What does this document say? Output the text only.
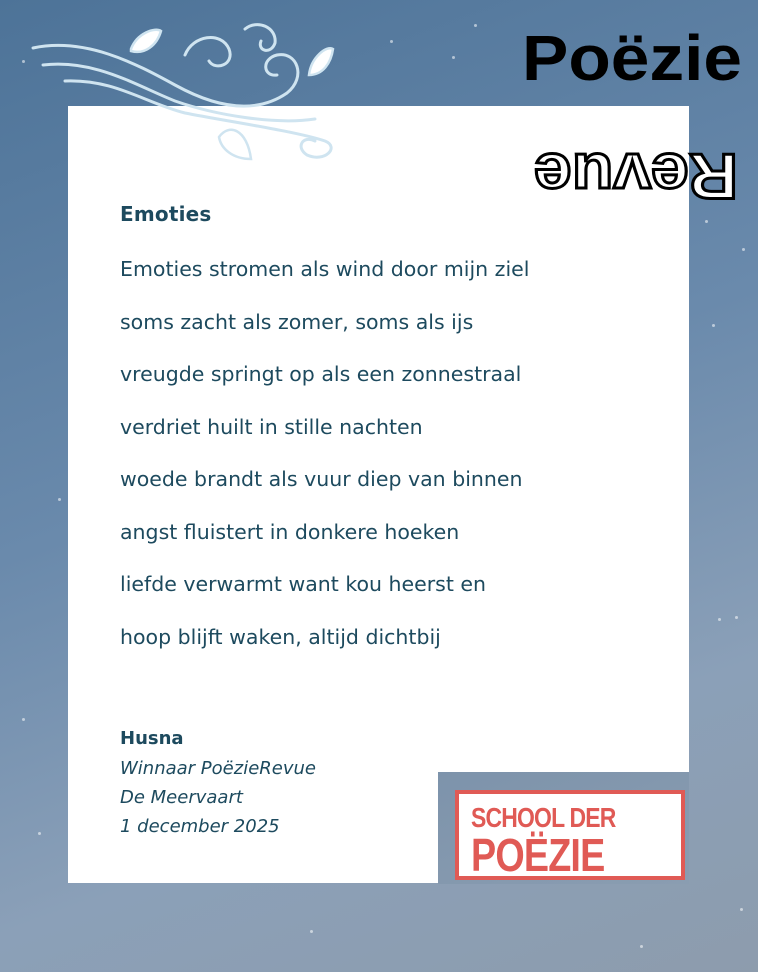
Poëzie
Revue
Emoties
Emoties stromen als wind door mijn ziel
soms zacht als zomer, soms als ijs
vreugde springt op als een zonnestraal
verdriet huilt in stille nachten
woede brandt als vuur diep van binnen
angst fluistert in donkere hoeken
liefde verwarmt want kou heerst en
hoop blijft waken, altijd dichtbij
Husna
Winnaar PoëzieRevue
De Meervaart
1 december 2025	SCHOOL DER
POËZIE
